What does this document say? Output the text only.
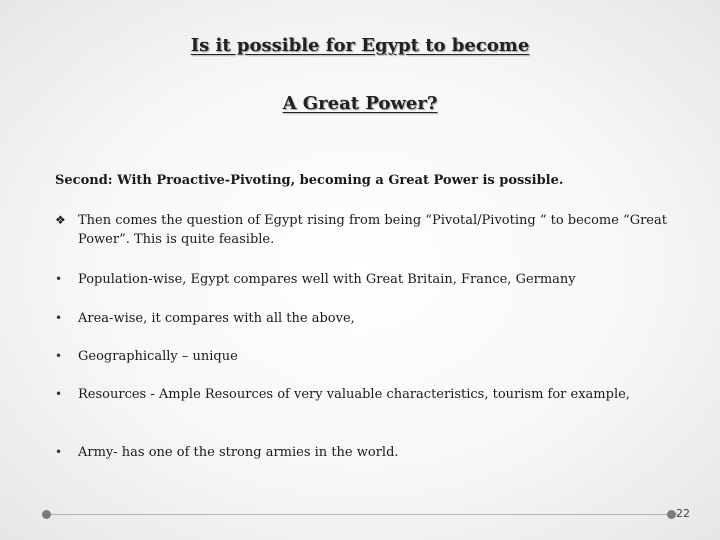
Is it possible for Egypt to become
A Great Power?
Second: With Proactive-Pivoting, becoming a Great Power is possible.
❖ Then comes the question of Egypt rising from being “Pivotal/Pivoting “ to become “Great Power”. This is quite feasible.
•	Population-wise, Egypt compares well with Great Britain, France, Germany
•	Area-wise, it compares with all the above,
•	Geographically – unique
•	Resources - Ample Resources of very valuable characteristics, tourism for example,
•	Army- has one of the strong armies in the world.
22
